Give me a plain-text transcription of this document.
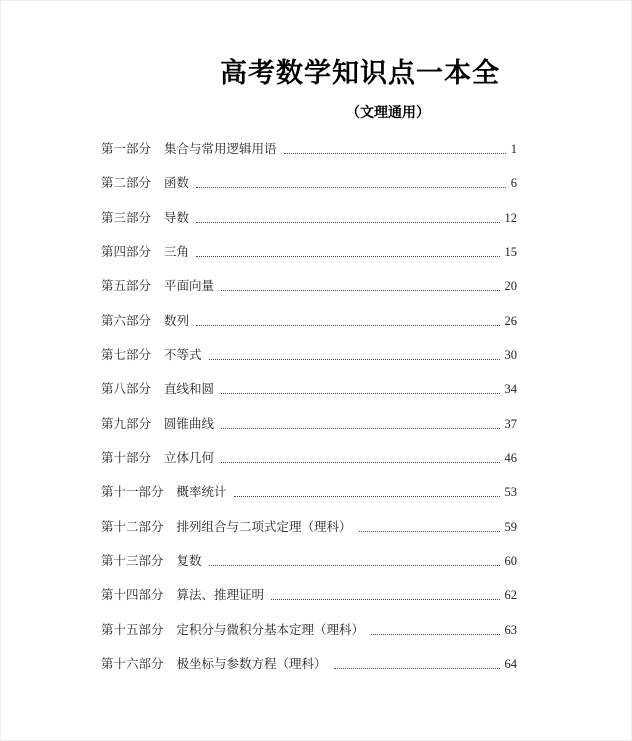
高考数学知识点一本全
（文理通用）
第一部分 集合与常用逻辑用语	1
第二部分 函数	6
第三部分 导数	12
第四部分 三角	15
第五部分 平面向量	20
第六部分 数列	26
第七部分 不等式	30
第八部分 直线和圆	34
第九部分 圆锥曲线	37
第十部分 立体几何	46
第十一部分 概率统计	53
第十二部分 排列组合与二项式定理（理科）	59
第十三部分 复数	60
第十四部分 算法、推理证明	62
第十五部分 定积分与微积分基本定理（理科）	63
第十六部分 极坐标与参数方程（理科）	64
